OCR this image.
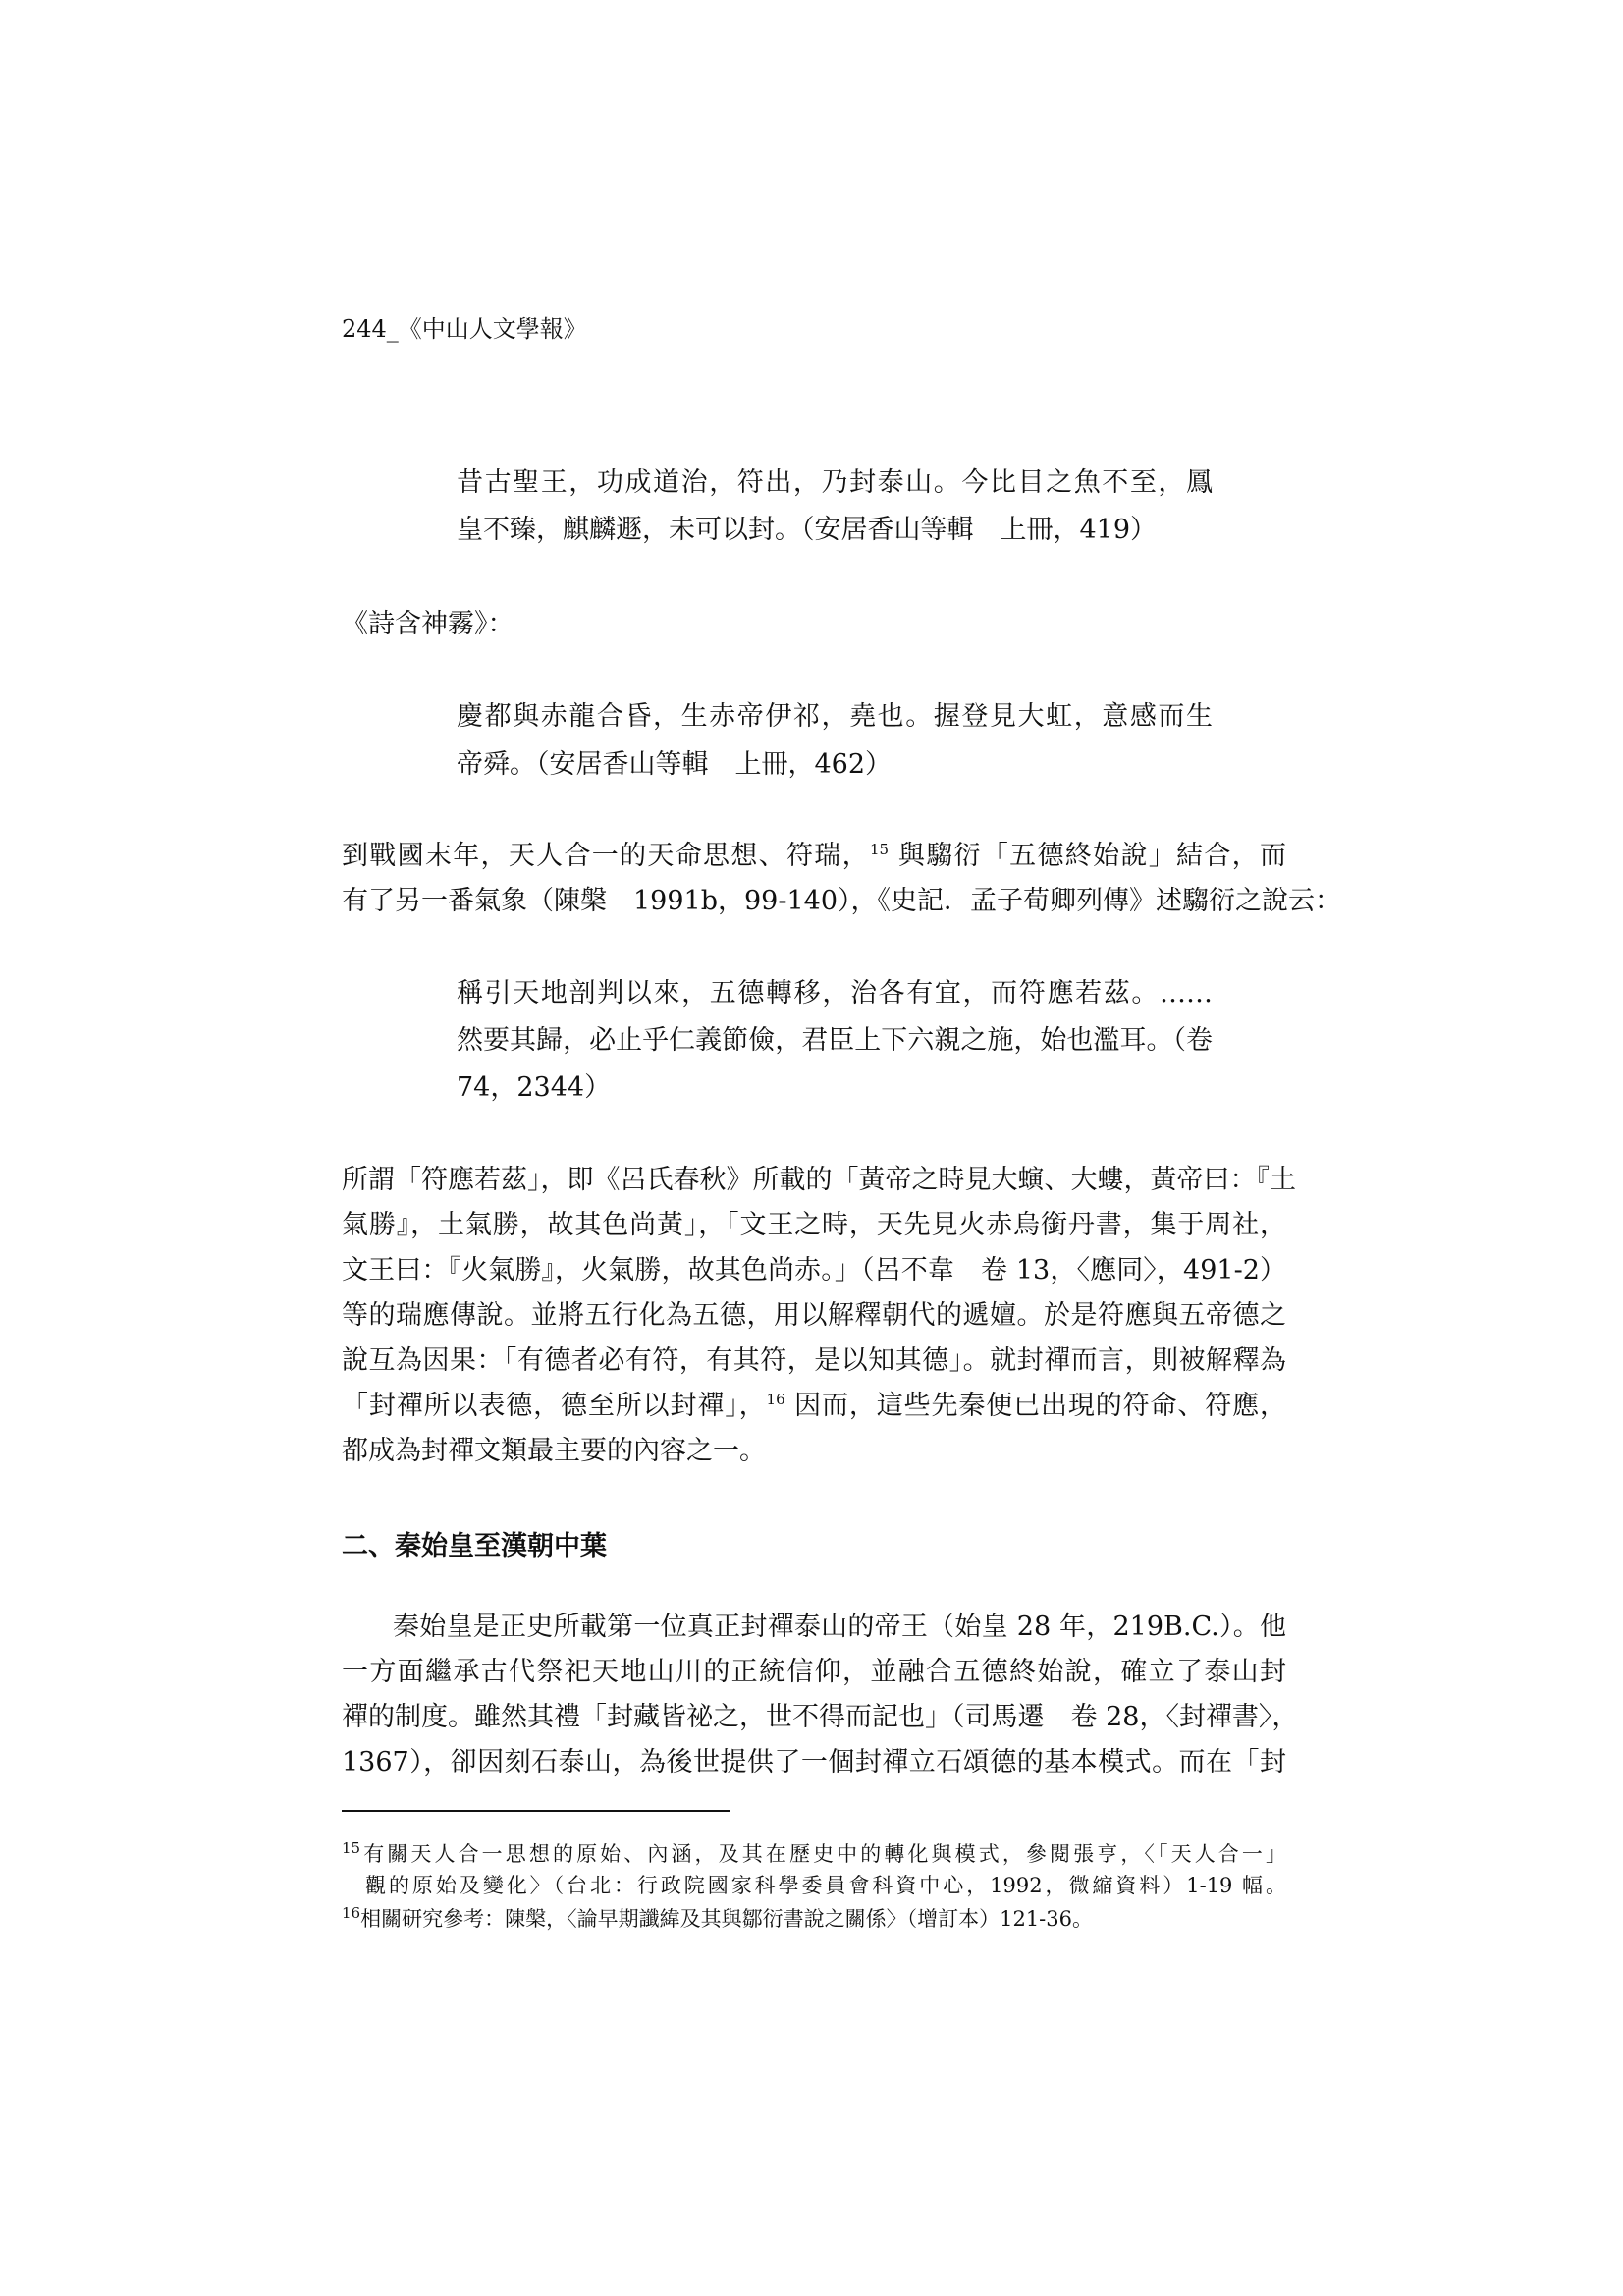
244_《中山人文學報》
昔古聖王，功成道治，符出，乃封泰山。今比目之魚不至，鳳
皇不臻，麒麟遯，未可以封。（安居香山等輯　上冊，419）
《詩含神霧》：
慶都與赤龍合昏，生赤帝伊祁，堯也。握登見大虹，意感而生
帝舜。（安居香山等輯　上冊，462）
到戰國末年，天人合一的天命思想、符瑞，$^{15}$ 與騶衍「五德終始說」結合，而
有了另一番氣象（陳槃　1991b，99-140），《史記．孟子荀卿列傳》述騶衍之說云：
稱引天地剖判以來，五德轉移，治各有宜，而符應若茲。……
然要其歸，必止乎仁義節儉，君臣上下六親之施，始也濫耳。（卷
74，2344）
所謂「符應若茲」，即《呂氏春秋》所載的「黃帝之時見大螾、大螻，黃帝曰：『土
氣勝』，土氣勝，故其色尚黃」，「文王之時，天先見火赤烏銜丹書，集于周社，
文王曰：『火氣勝』，火氣勝，故其色尚赤。」（呂不韋　卷 13，〈應同〉，491-2）
等的瑞應傳說。並將五行化為五德，用以解釋朝代的遞嬗。於是符應與五帝德之
說互為因果：「有德者必有符，有其符，是以知其德」。就封禪而言，則被解釋為
「封禪所以表德，德至所以封禪」，$^{16}$ 因而，這些先秦便已出現的符命、符應，
都成為封禪文類最主要的內容之一。
二、秦始皇至漢朝中葉
秦始皇是正史所載第一位真正封禪泰山的帝王（始皇 28 年，219B.C.）。他
一方面繼承古代祭祀天地山川的正統信仰，並融合五德終始說，確立了泰山封
禪的制度。雖然其禮「封藏皆祕之，世不得而記也」（司馬遷　卷 28，〈封禪書〉，
1367），卻因刻石泰山，為後世提供了一個封禪立石頌德的基本模式。而在「封
$^{15}$有關天人合一思想的原始、內涵，及其在歷史中的轉化與模式，參閱張亨，〈「天人合一」
觀的原始及變化〉（台北：行政院國家科學委員會科資中心，1992，微縮資料）1-19 幅。
$^{16}$相關研究參考：陳槃，〈論早期讖緯及其與鄒衍書說之關係〉（增訂本）121-36。
